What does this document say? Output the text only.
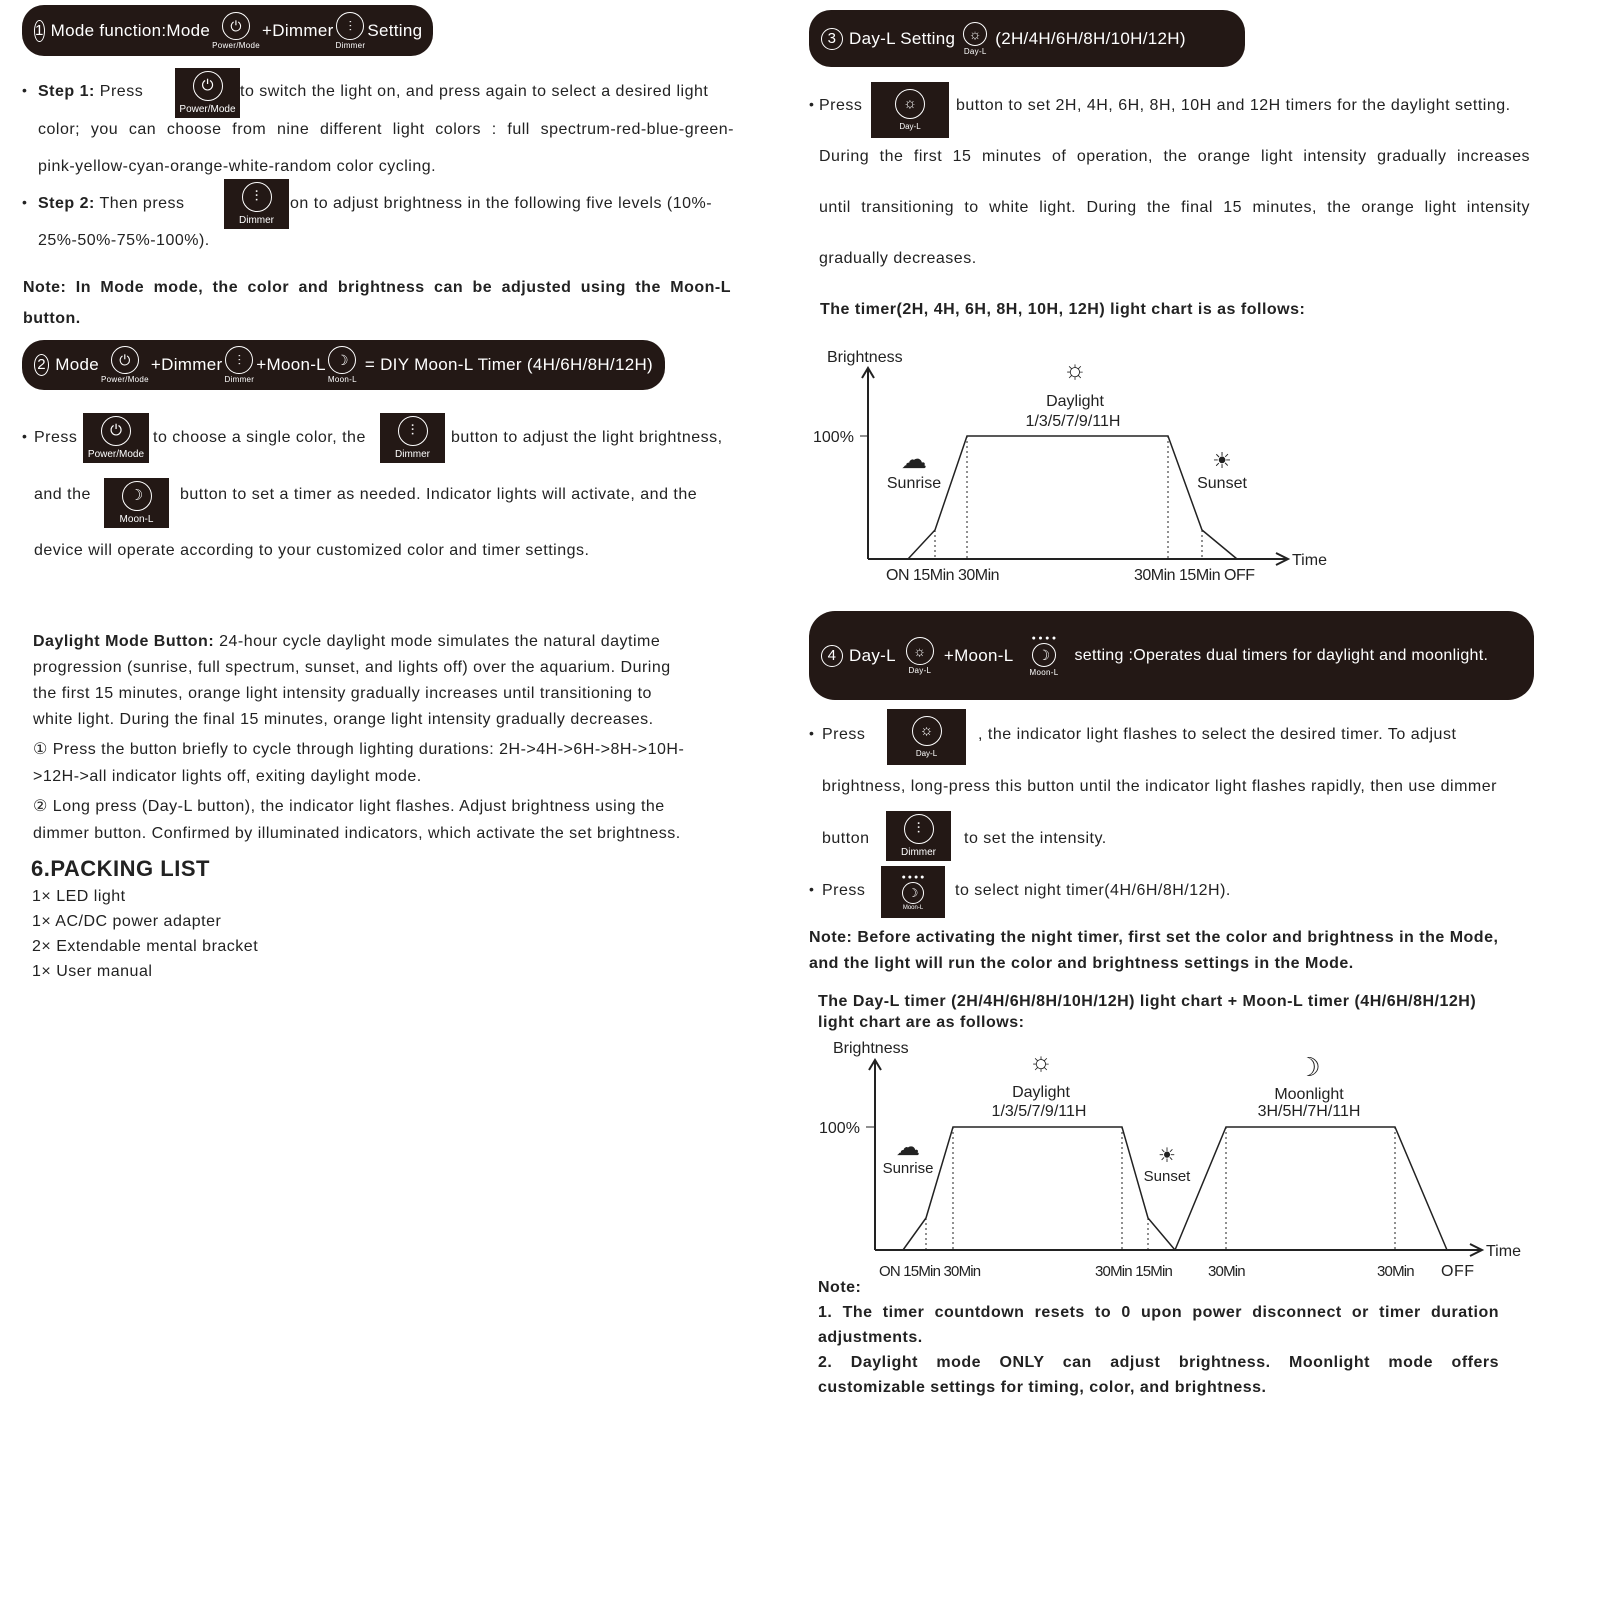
1 Mode function:Mode	⏻
Power/Mode
+Dimmer	⫶
Dimmer
Setting
• Step 1: Press	⏻
Power/Mode
to switch the light on, and press again to select a desired light
color; you can choose from nine different light colors : full spectrum-red-blue-green-
pink-yellow-cyan-orange-white-random color cycling.
• Step 2: Then press	⫶
Dimmer
on to adjust brightness in the following five levels (10%-
25%-50%-75%-100%).
Note: In Mode mode, the color and brightness can be adjusted using the Moon-L
button.
2 Mode	⏻
Power/Mode
+Dimmer	⫶
Dimmer
+Moon-L ☽
Moon-L
= DIY Moon-L Timer (4H/6H/8H/12H)
• Press	⏻
Power/Mode
to choose a single color, the	⫶
Dimmer
button to adjust the light brightness,
and the	☽
Moon-L
button to set a timer as needed. Indicator lights will activate, and the
device will operate according to your customized color and timer settings.
Daylight Mode Button: 24-hour cycle daylight mode simulates the natural daytime
progression (sunrise, full spectrum, sunset, and lights off) over the aquarium. During
the first 15 minutes, orange light intensity gradually increases until transitioning to
white light. During the final 15 minutes, orange light intensity gradually decreases.
① Press the button briefly to cycle through lighting durations: 2H->4H->6H->8H->10H-
>12H->all indicator lights off, exiting daylight mode.
② Long press (Day-L button), the indicator light flashes. Adjust brightness using the
dimmer button. Confirmed by illuminated indicators, which activate the set brightness.
6.PACKING LIST
1× LED light
1× AC/DC power adapter
2× Extendable mental bracket
1× User manual
3 Day-L Setting ☼
Day-L
(2H/4H/6H/8H/10H/12H)
• Press	☼
Day-L
button to set 2H, 4H, 6H, 8H, 10H and 12H timers for the daylight setting.
During the first 15 minutes of operation, the orange light intensity gradually increases
until transitioning to white light. During the final 15 minutes, the orange light intensity
gradually decreases.
The timer(2H, 4H, 6H, 8H, 10H, 12H) light chart is as follows:
Brightness
100%
Time
☼
Daylight
1/3/5/7/9/11H
☁
Sunrise
☀
Sunset
ON 15Min 30Min	30Min 15Min OFF
Brightness
100%
Time
☼
Daylight
1/3/5/7/9/11H
☽
Moonlight
3H/5H/7H/11H
☁
Sunrise
☀
Sunset
ON 15Min 30Min	30Min 15Min 30Min	30Min OFF
4 Day-L	☼
Day-L
+Moon-L
● ● ● ●
☽
Moon-L
setting :Operates dual timers for daylight and moonlight.
• Press	☼
Day-L
, the indicator light flashes to select the desired timer. To adjust
brightness, long-press this button until the indicator light flashes rapidly, then use dimmer
button
⫶
Dimmer
to set the intensity.
• Press
● ● ● ●
☽
Moon-L
to select night timer(4H/6H/8H/12H).
Note: Before activating the night timer, first set the color and brightness in the Mode,
and the light will run the color and brightness settings in the Mode.
The Day-L timer (2H/4H/6H/8H/10H/12H) light chart + Moon-L timer (4H/6H/8H/12H)
light chart are as follows:
Note:
1. The timer countdown resets to 0 upon power disconnect or timer duration
adjustments.
2. Daylight mode ONLY can adjust brightness. Moonlight mode offers
customizable settings for timing, color, and brightness.
